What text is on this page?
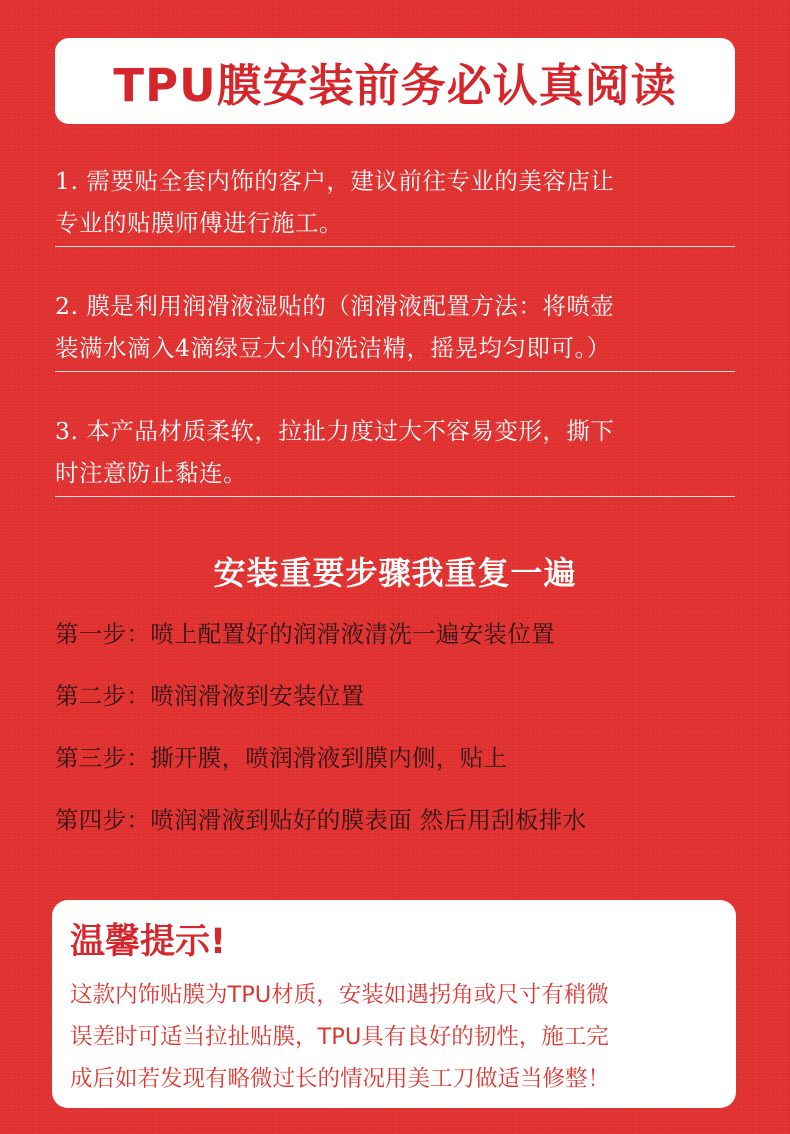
TPU膜安装前务必认真阅读
1. 需要贴全套内饰的客户，建议前往专业的美容店让
专业的贴膜师傅进行施工。
2. 膜是利用润滑液湿贴的（润滑液配置方法：将喷壶
装满水滴入4滴绿豆大小的洗洁精，摇晃均匀即可。）
3. 本产品材质柔软，拉扯力度过大不容易变形，撕下
时注意防止黏连。
安装重要步骤我重复一遍
第一步：喷上配置好的润滑液清洗一遍安装位置
第二步：喷润滑液到安装位置
第三步：撕开膜，喷润滑液到膜内侧，贴上
第四步：喷润滑液到贴好的膜表面 然后用刮板排水
温馨提示!
这款内饰贴膜为TPU材质，安装如遇拐角或尺寸有稍微
误差时可适当拉扯贴膜，TPU具有良好的韧性，施工完
成后如若发现有略微过长的情况用美工刀做适当修整！
